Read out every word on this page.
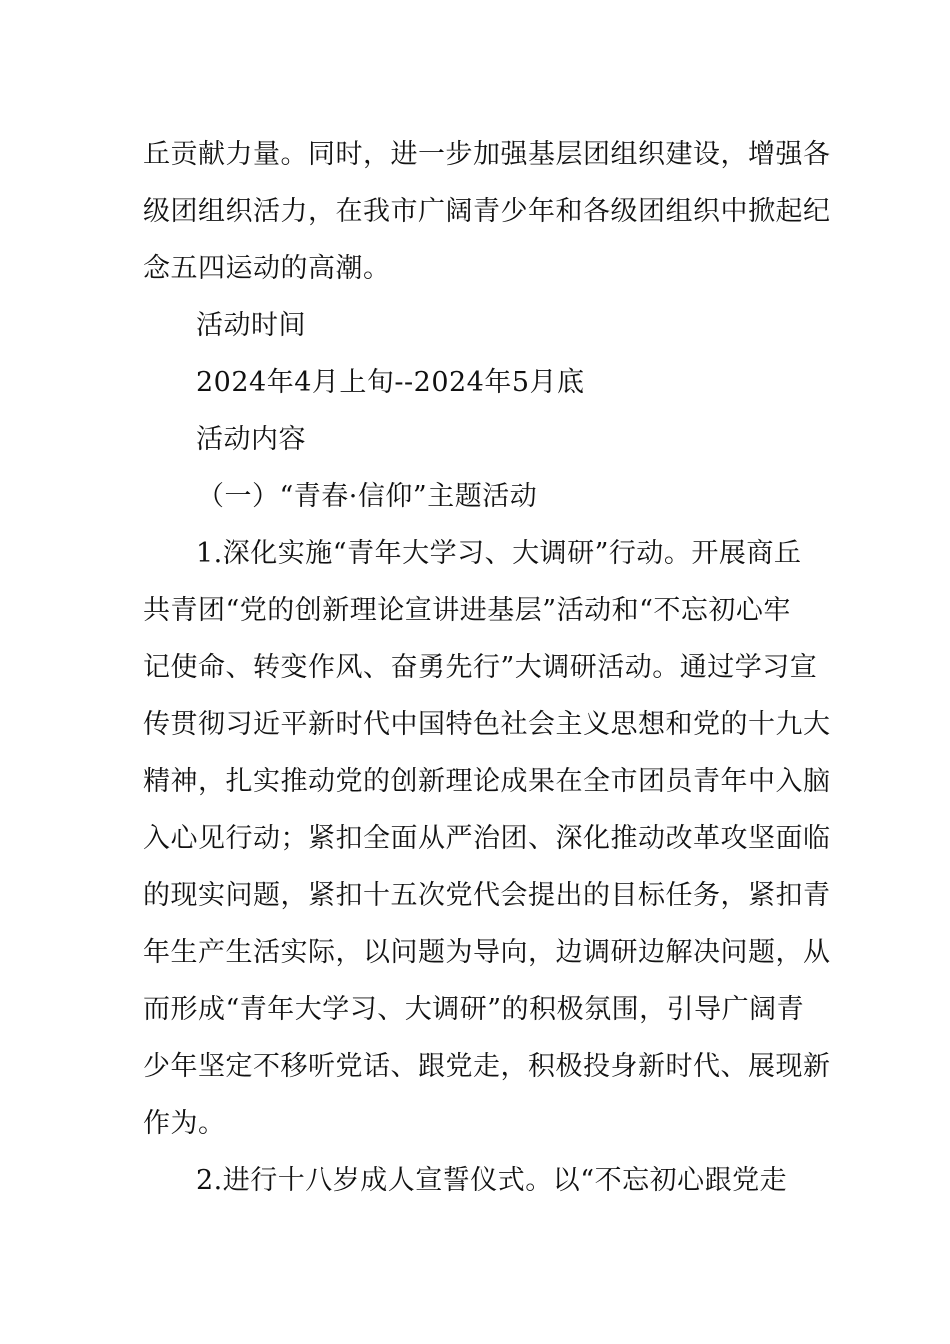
丘贡献力量。同时，进一步加强基层团组织建设，增强各
级团组织活力，在我市广阔青少年和各级团组织中掀起纪
念五四运动的高潮。
活动时间
2024年4月上旬--2024年5月底
活动内容
（一）“青春·信仰”主题活动
1.深化实施“青年大学习、大调研”行动。开展商丘
共青团“党的创新理论宣讲进基层”活动和“不忘初心牢
记使命、转变作风、奋勇先行”大调研活动。通过学习宣
传贯彻习近平新时代中国特色社会主义思想和党的十九大
精神，扎实推动党的创新理论成果在全市团员青年中入脑
入心见行动；紧扣全面从严治团、深化推动改革攻坚面临
的现实问题，紧扣十五次党代会提出的目标任务，紧扣青
年生产生活实际，以问题为导向，边调研边解决问题，从
而形成“青年大学习、大调研”的积极氛围，引导广阔青
少年坚定不移听党话、跟党走，积极投身新时代、展现新
作为。
2.进行十八岁成人宣誓仪式。以“不忘初心跟党走
